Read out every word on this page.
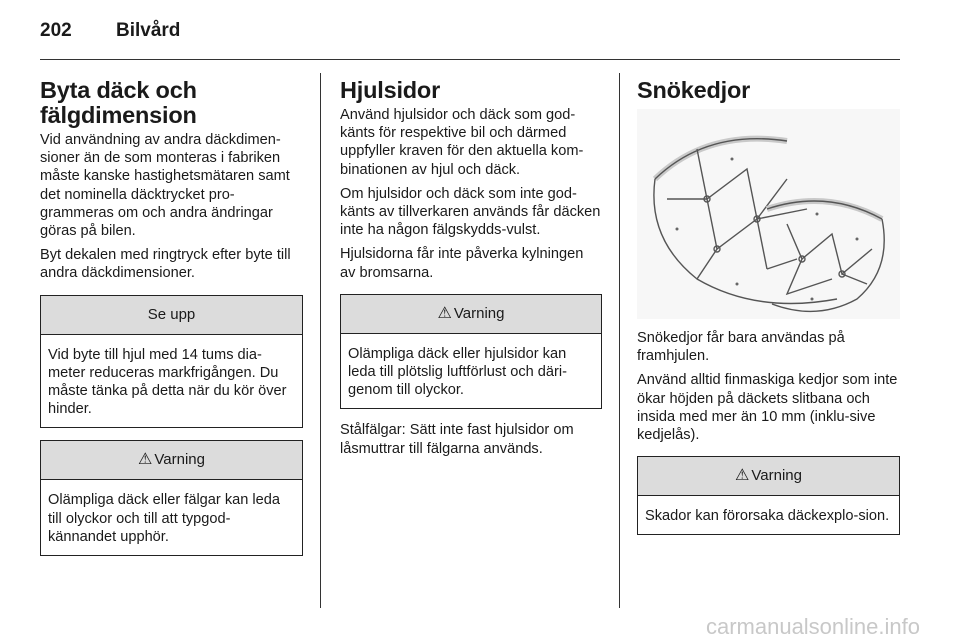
202 Bilvård
Byta däck och fälgdimension

Vid användning av andra däckdimen-sioner än de som monteras i fabriken måste kanske hastighetsmätaren samt det nominella däcktrycket pro-grammeras om och andra ändringar göras på bilen.

Byt dekalen med ringtryck efter byte till andra däckdimensioner.

Se upp
Vid byte till hjul med 14 tums dia-meter reduceras markfrigången. Du måste tänka på detta när du kör över hinder.
⚠ Varning
Olämpliga däck eller fälgar kan leda till olyckor och till att typgod-kännandet upphör.
Hjulsidor

Använd hjulsidor och däck som god-känts för respektive bil och därmed uppfyller kraven för den aktuella kom-binationen av hjul och däck.

Om hjulsidor och däck som inte god-känts av tillverkaren används får däcken inte ha någon fälgskydds-vulst.

Hjulsidorna får inte påverka kylningen av bromsarna.

⚠ Varning
Olämpliga däck eller hjulsidor kan leda till plötslig luftförlust och däri-genom till olyckor.

Stålfälgar: Sätt inte fast hjulsidor om låsmuttrar till fälgarna används.

Snökedjor

Snökedjor får bara användas på framhjulen.

Använd alltid finmaskiga kedjor som inte ökar höjden på däckets slitbana och insida med mer än 10 mm (inklu-sive kedjelås).

⚠ Varning
Skador kan förorsaka däckexplo-sion.
carmanualsonline.info
